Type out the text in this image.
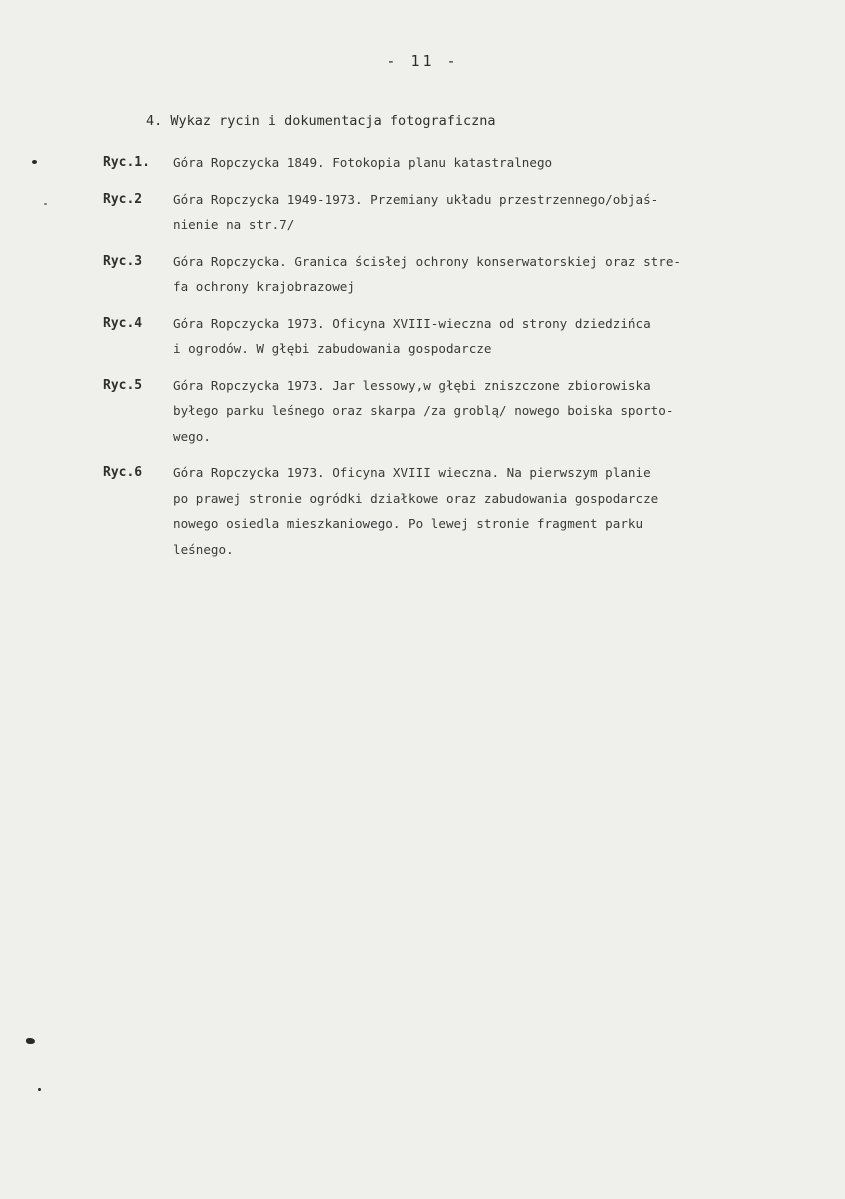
- 11 -
4. Wykaz rycin i dokumentacja fotograficzna
Ryc.1.	Góra Ropczycka 1849. Fotokopia planu katastralnego
Ryc.2	Góra Ropczycka 1949-1973. Przemiany układu przestrzennego/objaś-
nienie na str.7/
Ryc.3	Góra Ropczycka. Granica ścisłej ochrony konserwatorskiej oraz stre-
fa ochrony krajobrazowej
Ryc.4	Góra Ropczycka 1973. Oficyna XVIII-wieczna od strony dziedzińca
i ogrodów. W głębi zabudowania gospodarcze
Ryc.5	Góra Ropczycka 1973. Jar lessowy,w głębi zniszczone zbiorowiska
byłego parku leśnego oraz skarpa /za groblą/ nowego boiska sporto-
wego.
Ryc.6	Góra Ropczycka 1973. Oficyna XVIII wieczna. Na pierwszym planie
po prawej stronie ogródki działkowe oraz zabudowania gospodarcze
nowego osiedla mieszkaniowego. Po lewej stronie fragment parku
leśnego.
